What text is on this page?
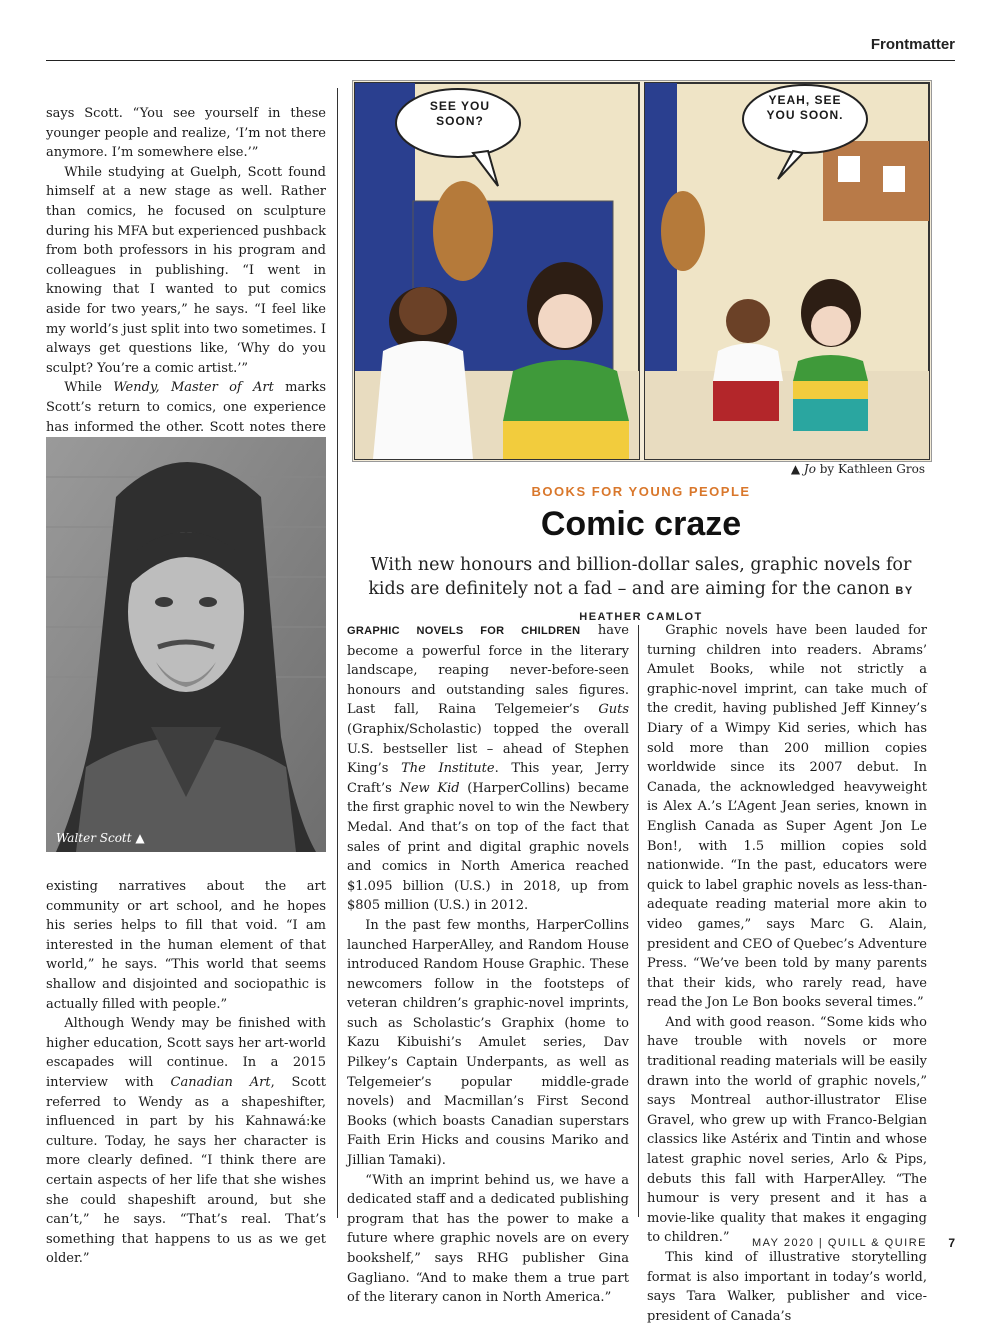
Frontmatter

says Scott. “You see yourself in these younger people and realize, ‘I’m not there anymore. I’m somewhere else.’”

While studying at Guelph, Scott found himself at a new stage as well. Rather than comics, he focused on sculpture during his MFA but experienced pushback from both professors in his program and colleagues in publishing. “I went in knowing that I wanted to put comics aside for two years,” he says. “I feel like my world’s just split into two sometimes. I always get questions like, ‘Why do you sculpt? You’re a comic artist.’”

While Wendy, Master of Art marks Scott’s return to comics, one experience has informed the other. Scott notes there

Walter Scott ▲

existing narratives about the art community or art school, and he hopes his series helps to fill that void. “I am interested in the human element of that world,” he says. “This world that seems shallow and disjointed and sociopathic is actually filled with people.”

Although Wendy may be finished with higher education, Scott says her art-world escapades will continue. In a 2015 interview with Canadian Art, Scott referred to Wendy as a shapeshifter, influenced in part by his Kahnawá:ke culture. Today, he says her character is more clearly defined. “I think there are certain aspects of her life that she wishes she could shapeshift around, but she can’t,” he says. “That’s real. That’s something that happens to us as we get older.”

SEE YOU SOON?
YEAH, SEE YOU SOON.
▲ Jo by Kathleen Gros
BOOKS FOR YOUNG PEOPLE
Comic craze
With new honours and billion-dollar sales, graphic novels for kids are definitely not a fad – and are aiming for the canon BY HEATHER CAMLOT

GRAPHIC NOVELS FOR CHILDREN have become a powerful force in the literary landscape, reaping never-before-seen honours and outstanding sales figures. Last fall, Raina Telgemeier’s Guts (Graphix/Scholastic) topped the overall U.S. bestseller list – ahead of Stephen King’s The Institute. This year, Jerry Craft’s New Kid (HarperCollins) became the first graphic novel to win the Newbery Medal. And that’s on top of the fact that sales of print and digital graphic novels and comics in North America reached $1.095 billion (U.S.) in 2018, up from $805 million (U.S.) in 2012.

In the past few months, HarperCollins launched HarperAlley, and Random House introduced Random House Graphic. These newcomers follow in the footsteps of veteran children’s graphic-novel imprints, such as Scholastic’s Graphix (home to Kazu Kibuishi’s Amulet series, Dav Pilkey’s Captain Underpants, as well as Telgemeier’s popular middle-grade novels) and Macmillan’s First Second Books (which boasts Canadian superstars Faith Erin Hicks and cousins Mariko and Jillian Tamaki).

“With an imprint behind us, we have a dedicated staff and a dedicated publishing program that has the power to make a future where graphic novels are on every bookshelf,” says RHG publisher Gina Gagliano. “And to make them a true part of the literary canon in North America.”

Graphic novels have been lauded for turning children into readers. Abrams’ Amulet Books, while not strictly a graphic-novel imprint, can take much of the credit, having published Jeff Kinney’s Diary of a Wimpy Kid series, which has sold more than 200 million copies worldwide since its 2007 debut. In Canada, the acknowledged heavyweight is Alex A.’s L’Agent Jean series, known in English Canada as Super Agent Jon Le Bon!, with 1.5 million copies sold nationwide. “In the past, educators were quick to label graphic novels as less-than-adequate reading material more akin to video games,” says Marc G. Alain, president and CEO of Quebec’s Adventure Press. “We’ve been told by many parents that their kids, who rarely read, have read the Jon Le Bon books several times.”

And with good reason. “Some kids who have trouble with novels or more traditional reading materials will be easily drawn into the world of graphic novels,” says Montreal author-illustrator Elise Gravel, who grew up with Franco-Belgian classics like Astérix and Tintin and whose latest graphic novel series, Arlo & Pips, debuts this fall with HarperAlley. “The humour is very present and it has a movie-like quality that makes it engaging to children.”

This kind of illustrative storytelling format is also important in today’s world, says Tara Walker, publisher and vice-president of Canada’s

MAY 2020 | QUILL & QUIRE 7
